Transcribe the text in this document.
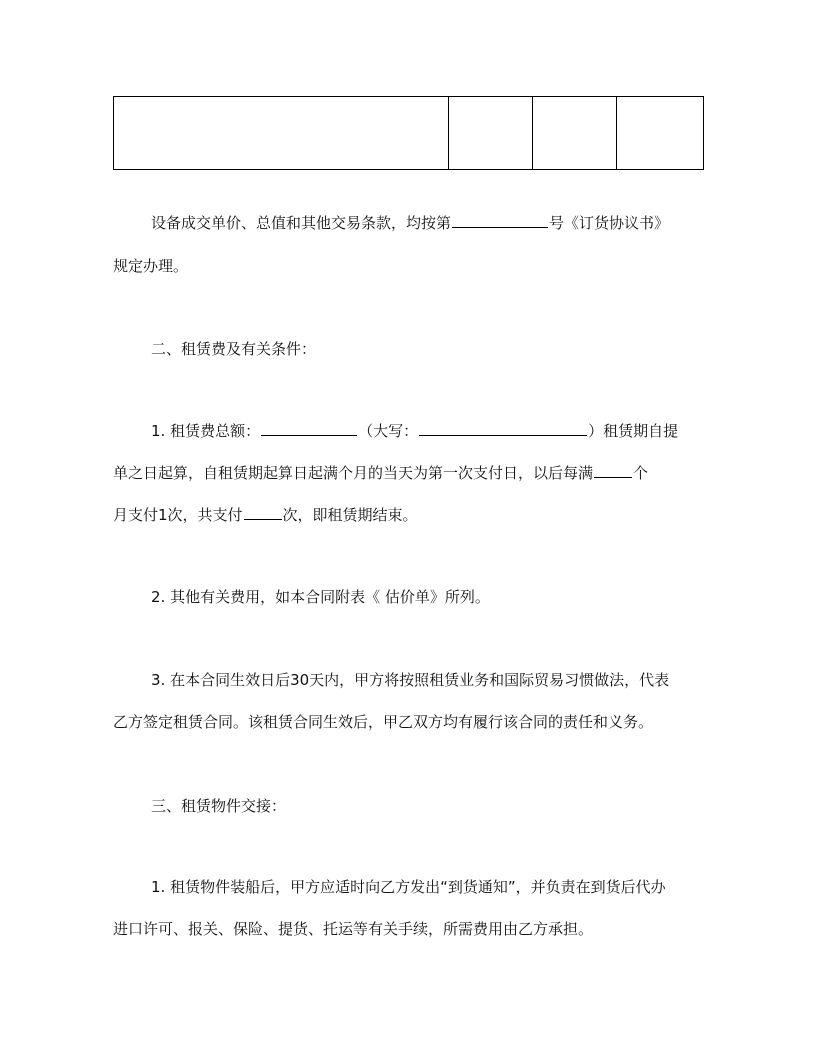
设备成交单价、总值和其他交易条款，均按第	号《订货协议书》
规定办理。
二、租赁费及有关条件：
1. 租赁费总额：	（大写：	）租赁期自提
单之日起算，自租赁期起算日起满个月的当天为第一次支付日，以后每满	个
月支付1次，共支付	次，即租赁期结束。
2. 其他有关费用，如本合同附表《 估价单》所列。
3. 在本合同生效日后30天内，甲方将按照租赁业务和国际贸易习惯做法，代表
乙方签定租赁合同。该租赁合同生效后，甲乙双方均有履行该合同的责任和义务。
三、租赁物件交接：
1. 租赁物件装船后，甲方应适时向乙方发出“到货通知”，并负责在到货后代办
进口许可、报关、保险、提货、托运等有关手续，所需费用由乙方承担。
